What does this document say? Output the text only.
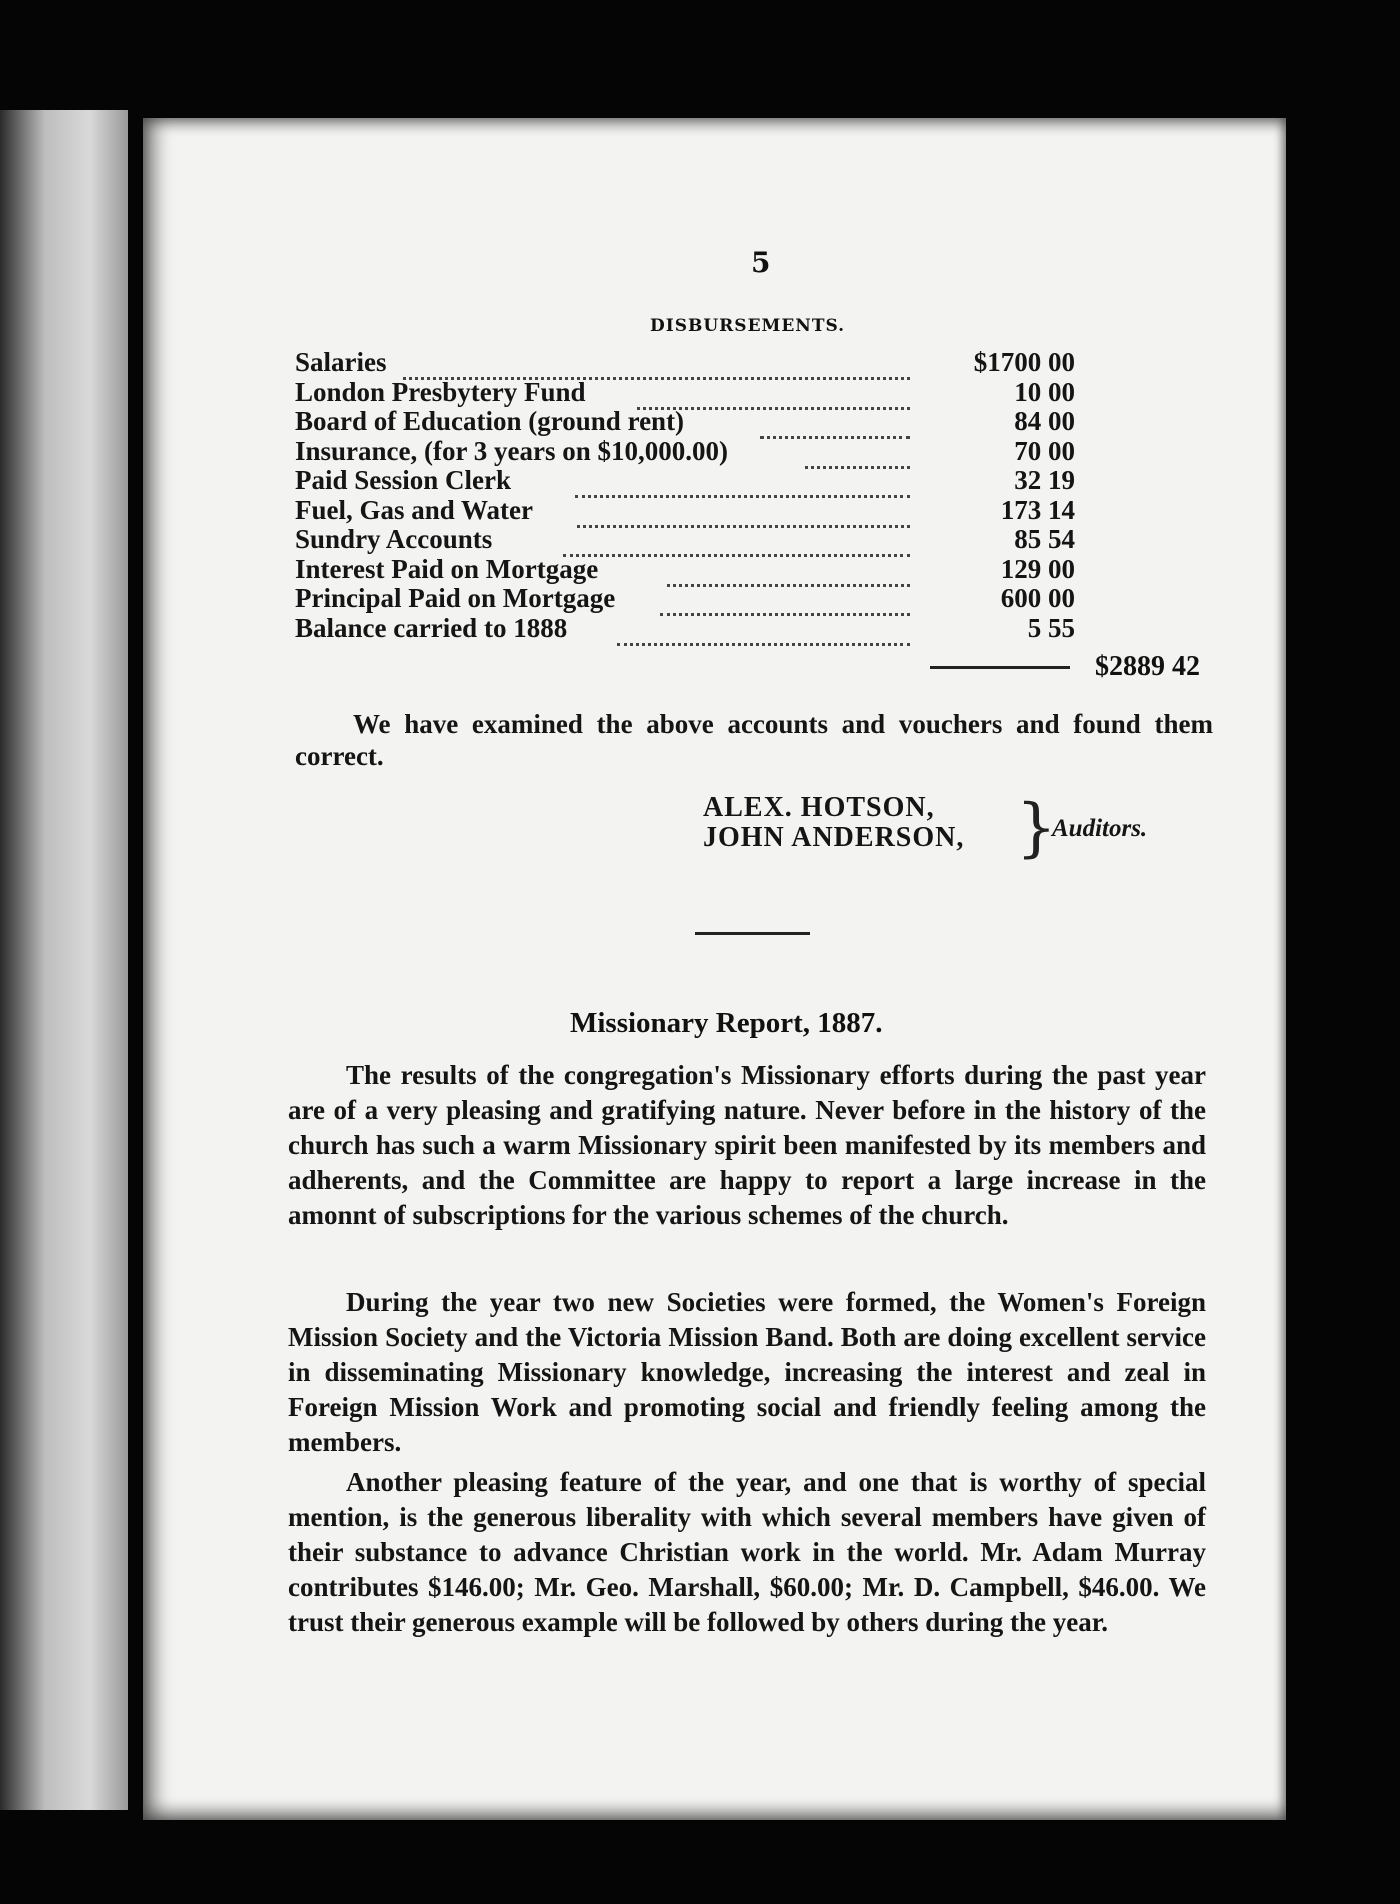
5
DISBURSEMENTS.
Salaries	$1700 00
London Presbytery Fund	10 00
Board of Education (ground rent)	84 00
Insurance, (for 3 years on $10,000.00)	70 00
Paid Session Clerk	32 19
Fuel, Gas and Water	173 14
Sundry Accounts	85 54
Interest Paid on Mortgage	129 00
Principal Paid on Mortgage	600 00
Balance carried to 1888	5 55
$2889 42
We have examined the above accounts and vouchers and found them correct.
ALEX. HOTSON,
JOHN ANDERSON, }
Auditors.
Missionary Report, 1887.
The results of the congregation's Missionary efforts during the past year are of a very pleasing and gratifying nature. Never before in the history of the church has such a warm Missionary spirit been manifested by its members and adherents, and the Committee are happy to report a large increase in the amonnt of subscriptions for the various schemes of the church.
During the year two new Societies were formed, the Women's Foreign Mission Society and the Victoria Mission Band. Both are doing excellent service in disseminating Missionary knowledge, increasing the interest and zeal in Foreign Mission Work and promoting social and friendly feeling among the members.
Another pleasing feature of the year, and one that is worthy of special mention, is the generous liberality with which several members have given of their substance to advance Christian work in the world. Mr. Adam Murray contributes $146.00; Mr. Geo. Marshall, $60.00; Mr. D. Campbell, $46.00. We trust their generous example will be followed by others during the year.
